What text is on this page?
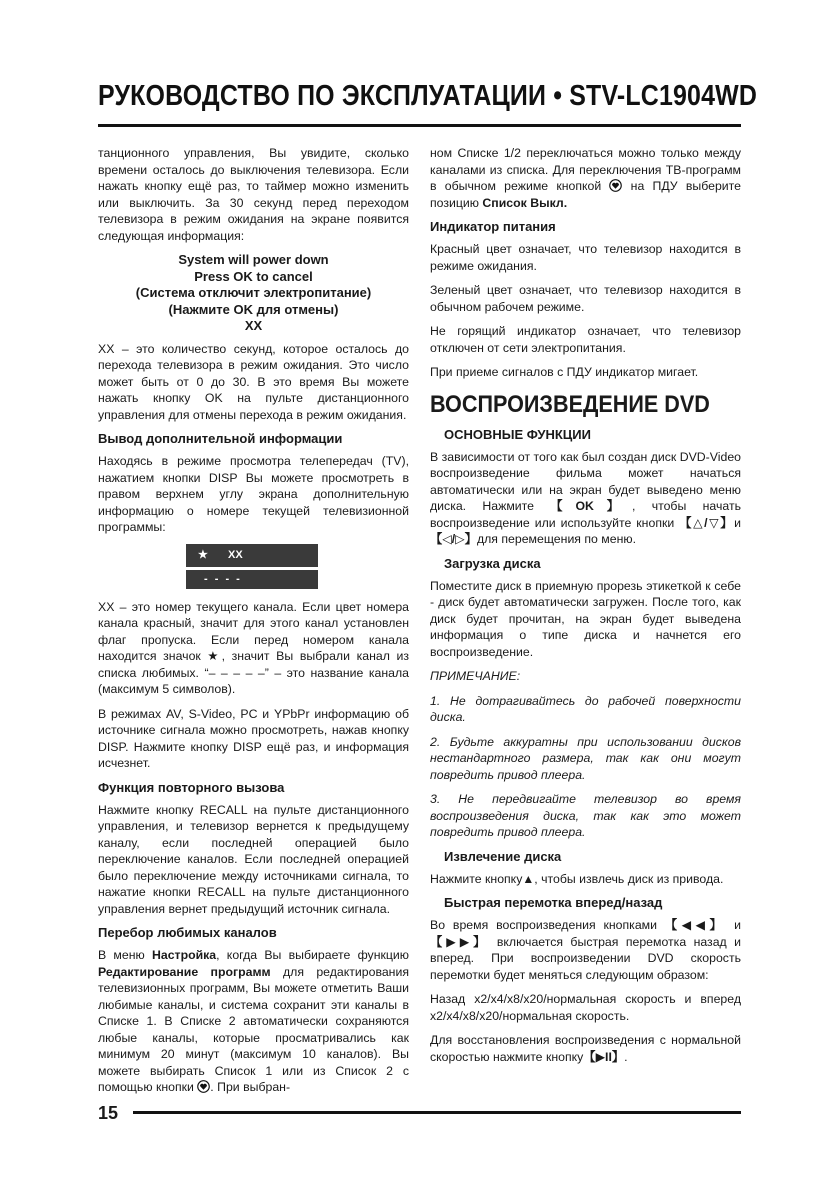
РУКОВОДСТВО ПО ЭКСПЛУАТАЦИИ • STV-LC1904WD

танционного управления, Вы увидите, сколько времени осталось до выключения телевизора. Если нажать кнопку ещё раз, то таймер можно изменить или выключить. За 30 секунд перед переходом телевизора в режим ожидания на экране появится следующая информация:

System will power down
Press OK to cancel
(Система отключит электропитание)
(Нажмите OK для отмены)
XX

XX – это количество секунд, которое осталось до перехода телевизора в режим ожидания. Это число может быть от 0 до 30. В это время Вы можете нажать кнопку OK на пульте дистанционного управления для отмены перехода в режим ожидания.

Вывод дополнительной информации

Находясь в режиме просмотра телепередач (TV), нажатием кнопки DISP Вы можете просмотреть в правом верхнем углу экрана дополнительную информацию о номере текущей телевизионной программы:

★ XX
- - - -

XX – это номер текущего канала. Если цвет номера канала красный, значит для этого канал установлен флаг пропуска. Если перед номером канала находится значок ★, значит Вы выбрали канал из списка любимых. “– – – – –” – это название канала (максимум 5 символов).

В режимах AV, S-Video, PC и YPbPr информацию об источнике сигнала можно просмотреть, нажав кнопку DISP. Нажмите кнопку DISP ещё раз, и информация исчезнет.

Функция повторного вызова

Нажмите кнопку RECALL на пульте дистанционного управления, и телевизор вернется к предыдущему каналу, если последней операцией было переключение каналов. Если последней операцией было переключение между источниками сигнала, то нажатие кнопки RECALL на пульте дистанционного управления вернет предыдущий источник сигнала.

Перебор любимых каналов

В меню Настройка, когда Вы выбираете функцию Редактирование программ для редактирования телевизионных программ, Вы можете отметить Ваши любимые каналы, и система сохранит эти каналы в Списке 1. В Списке 2 автоматически сохраняются любые каналы, которые просматривались как минимум 20 минут (максимум 10 каналов). Вы можете выбирать Список 1 или из Список 2 с помощью кнопки . При выбран-

ном Списке 1/2 переключаться можно только между каналами из списка. Для переключения ТВ-программ в обычном режиме кнопкой  на ПДУ выберите позицию Список Выкл.

Индикатор питания

Красный цвет означает, что телевизор находится в режиме ожидания.

Зеленый цвет означает, что телевизор находится в обычном рабочем режиме.

Не горящий индикатор означает, что телевизор отключен от сети электропитания.

При приеме сигналов с ПДУ индикатор мигает.

ВОСПРОИЗВЕДЕНИЕ DVD
ОСНОВНЫЕ ФУНКЦИИ

В зависимости от того как был создан диск DVD-Video воспроизведение фильма может начаться автоматически или на экран будет выведено меню диска. Нажмите 【OK】, чтобы начать воспроизведение или используйте кнопки 【△/▽】и【◁/▷】для перемещения по меню.

Загрузка диска

Поместите диск в приемную прорезь этикеткой к себе - диск будет автоматически загружен. После того, как диск будет прочитан, на экран будет выведена информация о типе диска и начнется его воспроизведение.

ПРИМЕЧАНИЕ:

1. Не дотрагивайтесь до рабочей поверхности диска.

2. Будьте аккуратны при использовании дисков нестандартного размера, так как они могут повредить привод плеера.

3. Не передвигайте телевизор во время воспроизведения диска, так как это может повредить привод плеера.

Извлечение диска

Нажмите кнопку▲, чтобы извлечь диск из привода.

Быстрая перемотка вперед/назад

Во время воспроизведения кнопками 【◀◀】 и 【▶▶】 включается быстрая перемотка назад и вперед. При воспроизведении DVD скорость перемотки будет меняться следующим образом:

Назад x2/x4/x8/x20/нормальная скорость и вперед x2/x4/x8/x20/нормальная скорость.

Для восстановления воспроизведения с нормальной скоростью нажмите кнопку【▶II】.

15
